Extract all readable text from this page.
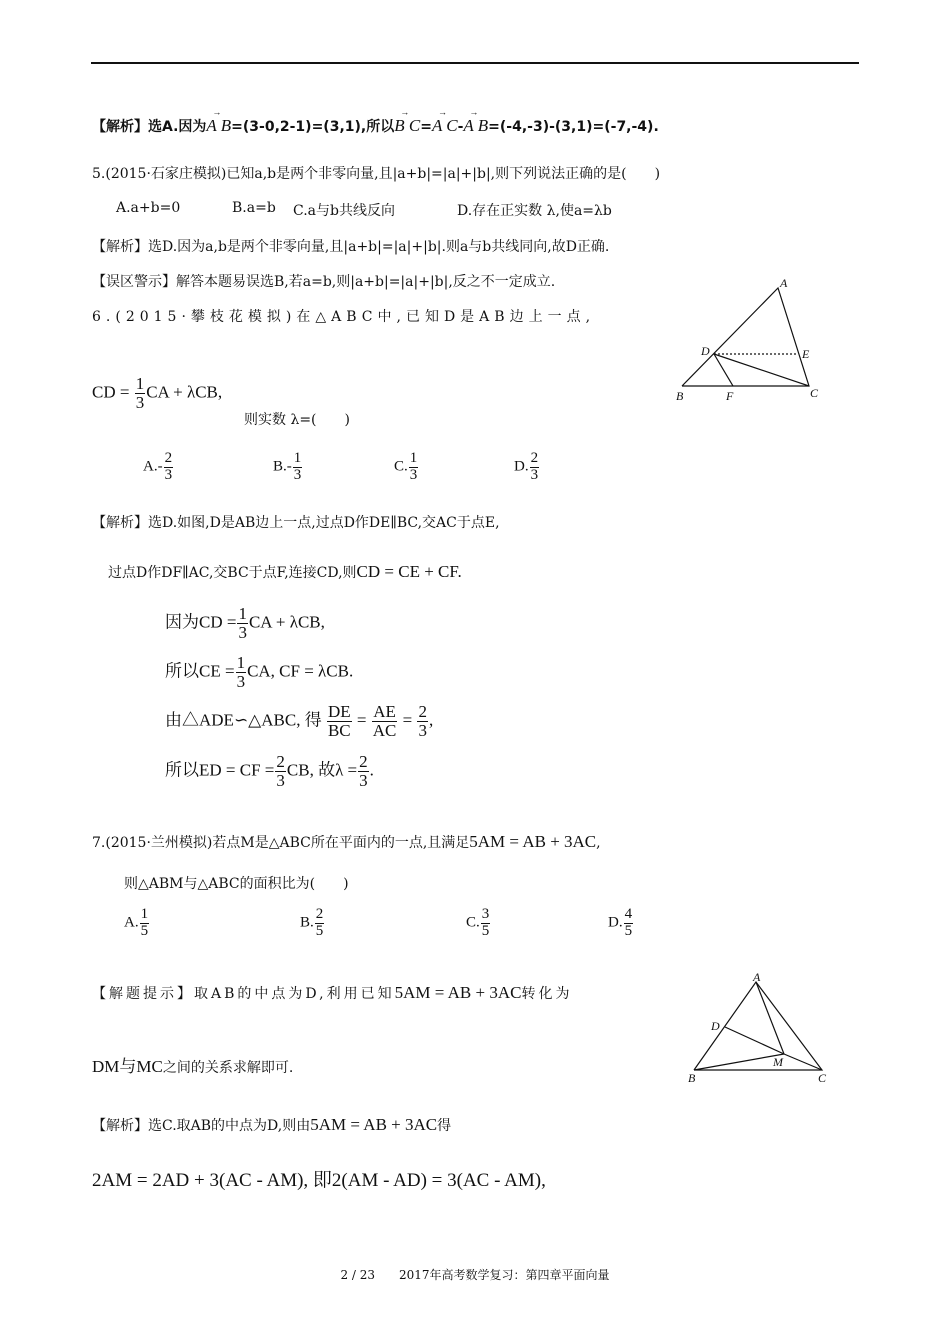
【解析】选A.因为
→
A B=(3-0,2-1)=(3,1),所以
→
B C=
→
A C-
→
A B=(-4,-3)-(3,1)=(-7,-4).
5.(2015·石家庄模拟)已知a,b是两个非零向量,且|a+b|=|a|+|b|,则下列说法正确的是(　　)
A.a+b=0	B.a=b C.a与b共线反向	D.存在正实数 λ,使a=λb
【解析】选D.因为a,b是两个非零向量,且|a+b|=|a|+|b|.则a与b共线同向,故D正确.
【误区警示】解答本题易误选B,若a=b,则|a+b|=|a|+|b|,反之不一定成立.
6.(2015·攀枝花模拟)在△ABC中,已知D是AB边上一点,
A
B	C
D	E
F
CD = $\frac{1}{3}$ CA + λCB,
则实数 λ=(　　)
$A.- \frac{2}{3}$	$B.- \frac{1}{3}$	C. $\frac{1}{3}$	D. $\frac{2}{3}$
【解析】选D.如图,D是AB边上一点,过点D作DE∥BC,交AC于点E,
过点D作DF∥AC,交BC于点F,连接CD,则CD = CE + CF.
因为CD = $\frac{1}{3}$ CA + λCB,
所以CE = $\frac{1}{3}$ CA, CF = λCB.
由△ADE∽△ABC, 得 $\frac{DE}{BC} = \frac{AE}{AC} = \frac{2}{3}$ ,
所以ED = CF = $\frac{2}{3}$ CB, 故$\lambda = \frac{2}{3}$ .
7.(2015·兰州模拟)若点M是△ABC所在平面内的一点,且满足5AM = AB + 3AC,
则△ABM与△ABC的面积比为(　　)
A. $\frac{1}{5}$	B. $\frac{2}{5}$	C. $\frac{3}{5}$	D. $\frac{4}{5}$
【解题提示】取AB的中点为D,利用已知5AM = AB + 3AC转化为
A
B	C
D
M
DM与MC之间的关系求解即可.
【解析】选C.取AB的中点为D,则由5AM = AB + 3AC得
2AM = 2AD + 3(AC - AM), 即2(AM - AD) = 3(AC - AM),
2 / 23　　2017年高考数学复习：第四章平面向量
